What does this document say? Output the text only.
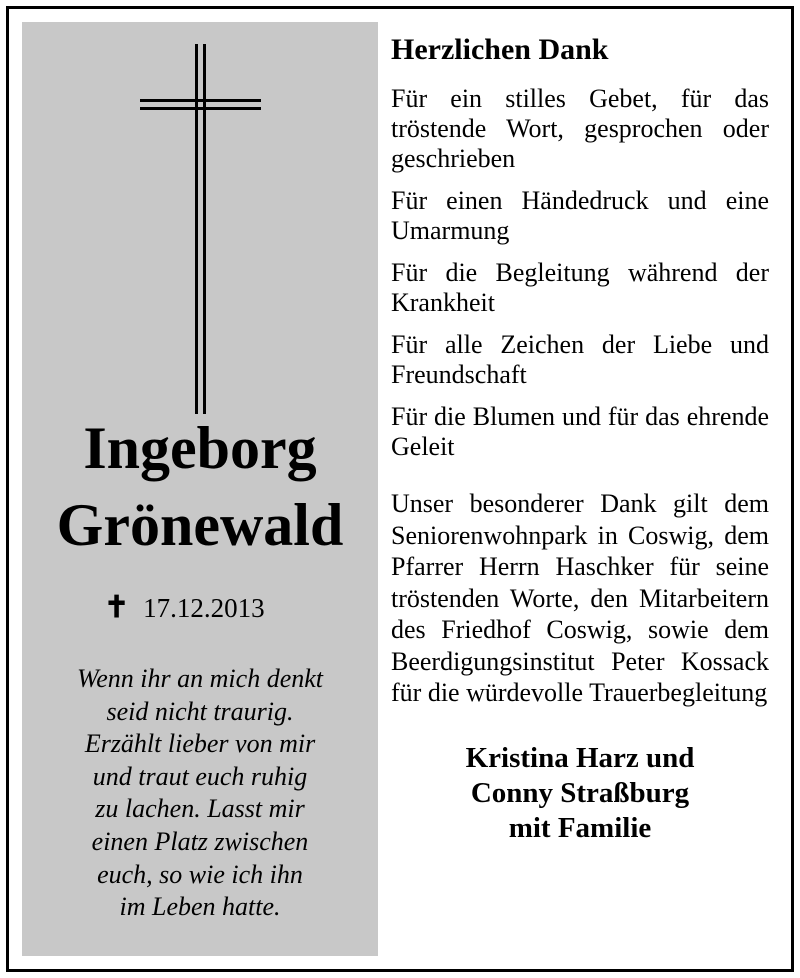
Ingeborg
Grönewald
✝ 17.12.2013
Wenn ihr an mich denkt
seid nicht traurig.
Erzählt lieber von mir
und traut euch ruhig
zu lachen. Lasst mir
einen Platz zwischen
euch, so wie ich ihn
im Leben hatte.
Herzlichen Dank
Für ein stilles Gebet, für das tröstende Wort, gesprochen oder geschrieben
Für einen Händedruck und eine Umarmung
Für die Begleitung während der Krankheit
Für alle Zeichen der Liebe und Freundschaft
Für die Blumen und für das ehrende Geleit
Unser besonderer Dank gilt dem Seniorenwohnpark in Coswig, dem Pfarrer Herrn Haschker für seine tröstenden Worte, den Mitarbeitern des Friedhof Coswig, sowie dem Beerdigungsinstitut Peter Kossack für die würdevolle Trauerbegleitung
Kristina Harz und
Conny Straßburg
mit Familie
